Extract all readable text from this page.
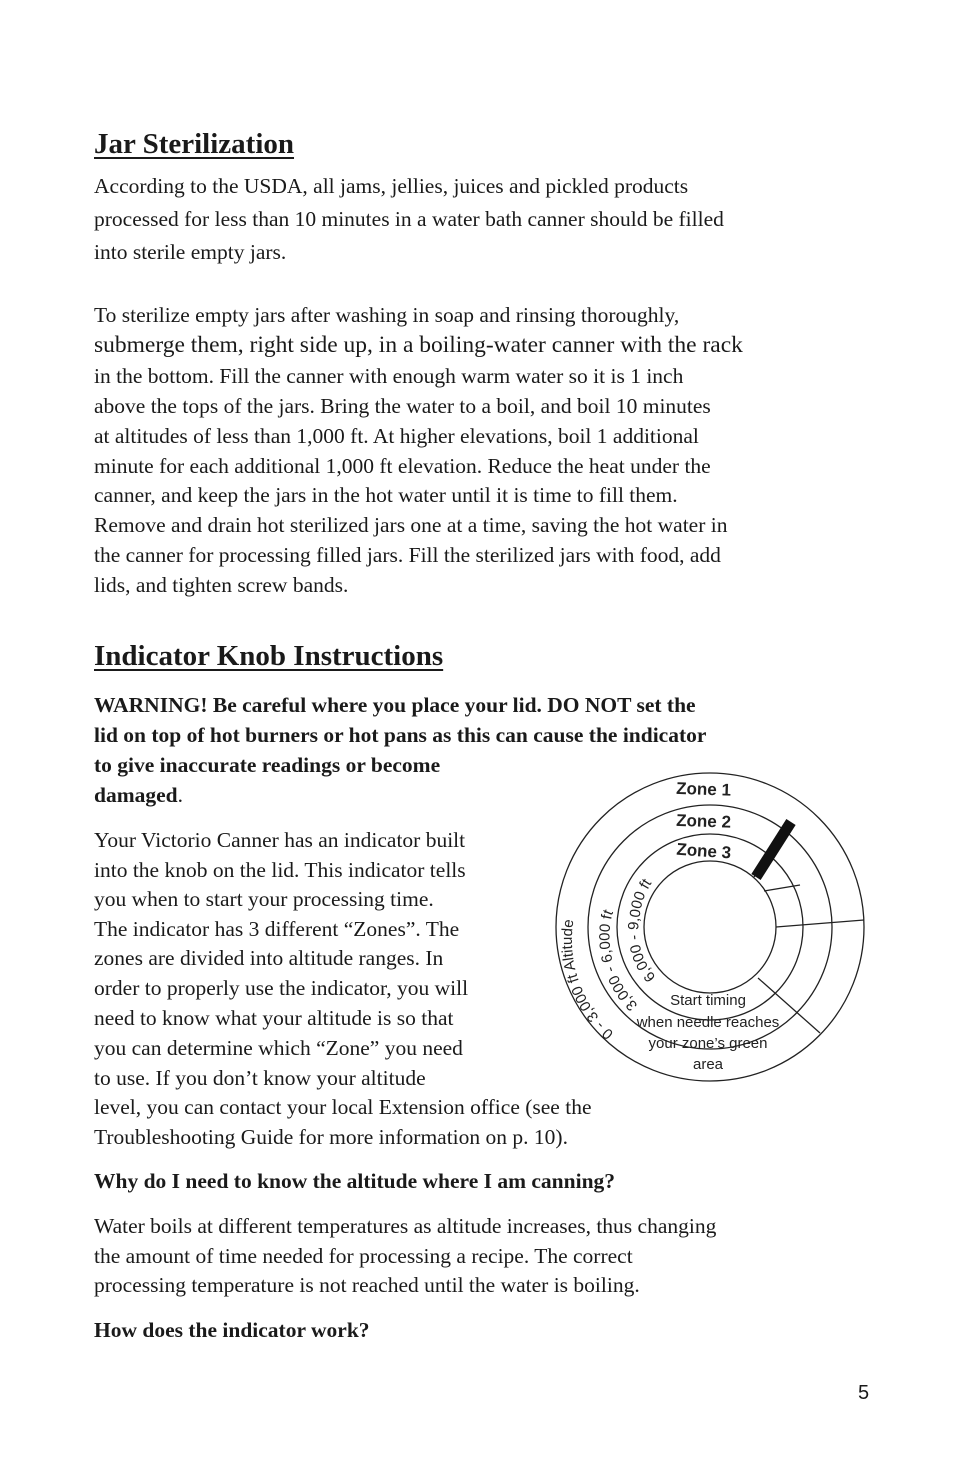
Jar Sterilization

According to the USDA, all jams, jellies, juices and pickled products

processed for less than 10 minutes in a water bath canner should be filled

into sterile empty jars.

To sterilize empty jars after washing in soap and rinsing thoroughly,

submerge them, right side up, in a boiling-water canner with the rack

in the bottom. Fill the canner with enough warm water so it is 1 inch

above the tops of the jars. Bring the water to a boil, and boil 10 minutes

at altitudes of less than 1,000 ft. At higher elevations, boil 1 additional

minute for each additional 1,000 ft elevation. Reduce the heat under the

canner, and keep the jars in the hot water until it is time to fill them.

Remove and drain hot sterilized jars one at a time, saving the hot water in

the canner for processing filled jars. Fill the sterilized jars with food, add

lids, and tighten screw bands.

Indicator Knob Instructions

WARNING! Be careful where you place your lid. DO NOT set the

lid on top of hot burners or hot pans as this can cause the indicator

to give inaccurate readings or become

damaged.

Your Victorio Canner has an indicator built

into the knob on the lid. This indicator tells

you when to start your processing time.

The indicator has 3 different “Zones”. The

zones are divided into altitude ranges. In

order to properly use the indicator, you will

need to know what your altitude is so that

you can determine which “Zone” you need

to use. If you don’t know your altitude

level, you can contact your local Extension office (see the

Troubleshooting Guide for more information on p. 10).

Zone 1
Zone 2
Zone 3
0 - 3,000 ft Altitude
3,000 - 6,000 ft
6,000 - 9,000 ft
Start timing
when needle reaches
your zone’s green
area

Why do I need to know the altitude where I am canning?

Water boils at different temperatures as altitude increases, thus changing

the amount of time needed for processing a recipe. The correct

processing temperature is not reached until the water is boiling.

How does the indicator work?

5
